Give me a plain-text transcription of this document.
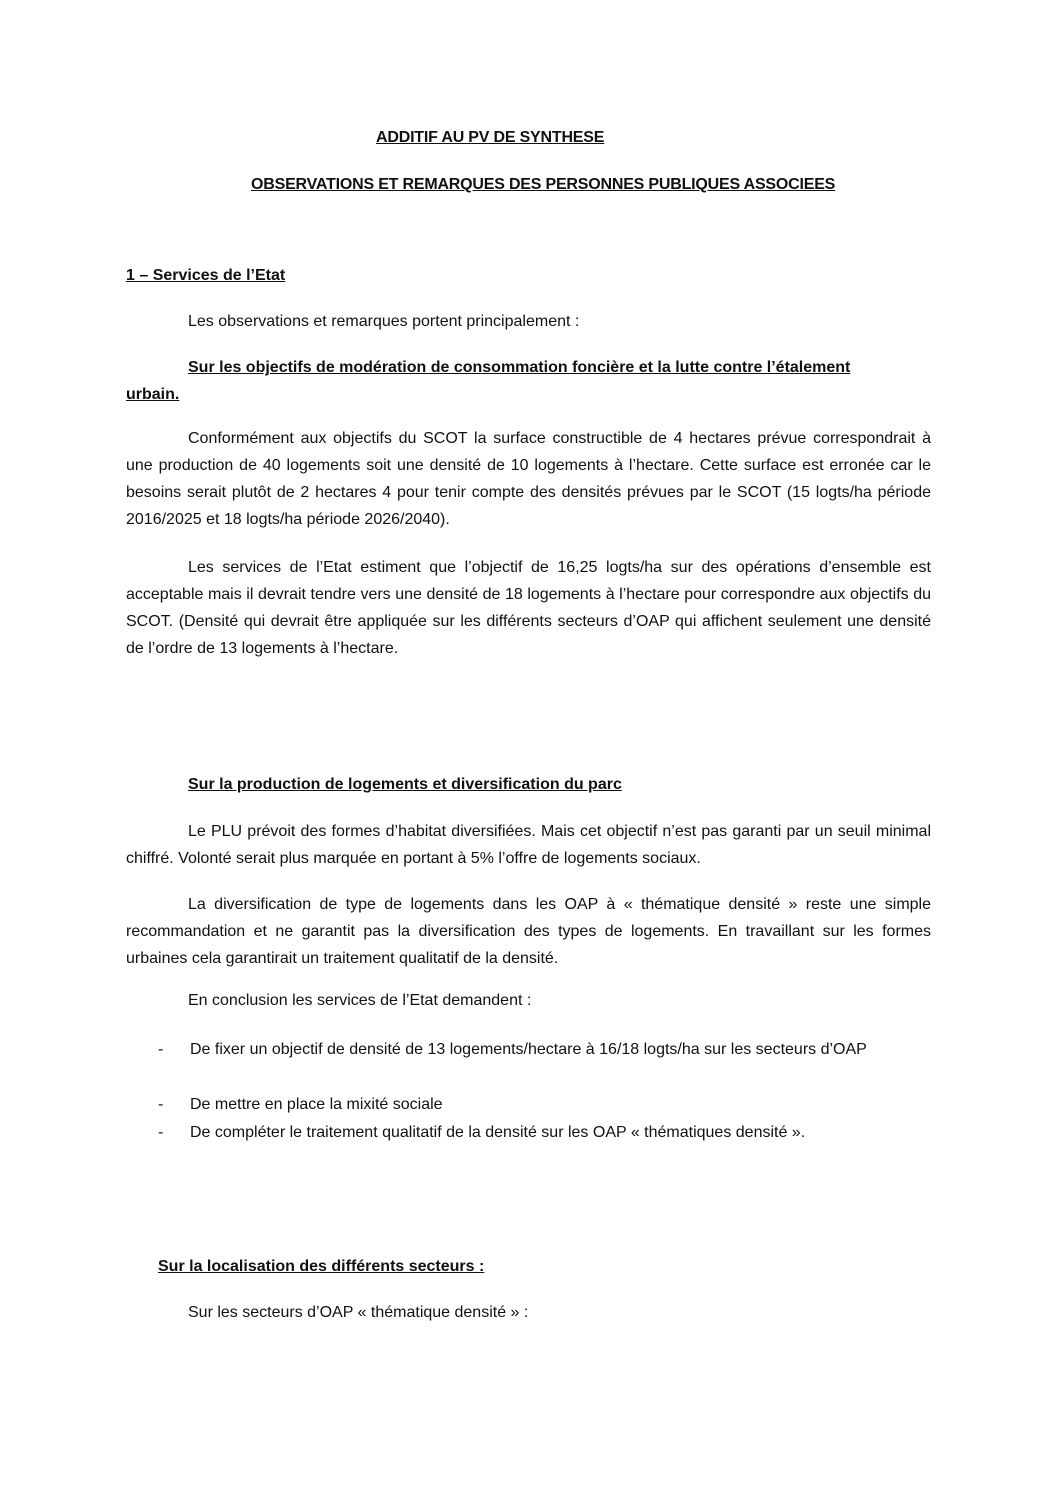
ADDITIF AU PV DE SYNTHESE
OBSERVATIONS ET REMARQUES DES PERSONNES PUBLIQUES ASSOCIEES
1 – Services de l’Etat
Les observations et remarques portent principalement :
Sur les objectifs de modération de consommation foncière et la lutte contre l’étalement
urbain.

Conformément aux objectifs du SCOT la surface constructible de 4 hectares prévue correspondrait à une production de 40 logements soit une densité de 10 logements à l’hectare. Cette surface est erronée car le besoins serait plutôt de 2 hectares 4 pour tenir compte des densités prévues par le SCOT (15 logts/ha période 2016/2025 et 18 logts/ha période 2026/2040).

Les services de l’Etat estiment que l’objectif de 16,25 logts/ha sur des opérations d’ensemble est acceptable mais il devrait tendre vers une densité de 18 logements à l’hectare pour correspondre aux objectifs du SCOT. (Densité qui devrait être appliquée sur les différents secteurs d’OAP qui affichent seulement une densité de l’ordre de 13 logements à l’hectare.

Sur la production de logements et diversification du parc

Le PLU prévoit des formes d’habitat diversifiées. Mais cet objectif n’est pas garanti par un seuil minimal chiffré. Volonté serait plus marquée en portant à 5% l’offre de logements sociaux.

La diversification de type de logements dans les OAP à « thématique densité » reste une simple recommandation et ne garantit pas la diversification des types de logements. En travaillant sur les formes urbaines cela garantirait un traitement qualitatif de la densité.

En conclusion les services de l’Etat demandent :
- De fixer un objectif de densité de 13 logements/hectare à 16/18 logts/ha sur les secteurs d’OAP
- De mettre en place la mixité sociale
- De compléter le traitement qualitatif de la densité sur les OAP « thématiques densité ».
Sur la localisation des différents secteurs :
Sur les secteurs d’OAP « thématique densité » :
